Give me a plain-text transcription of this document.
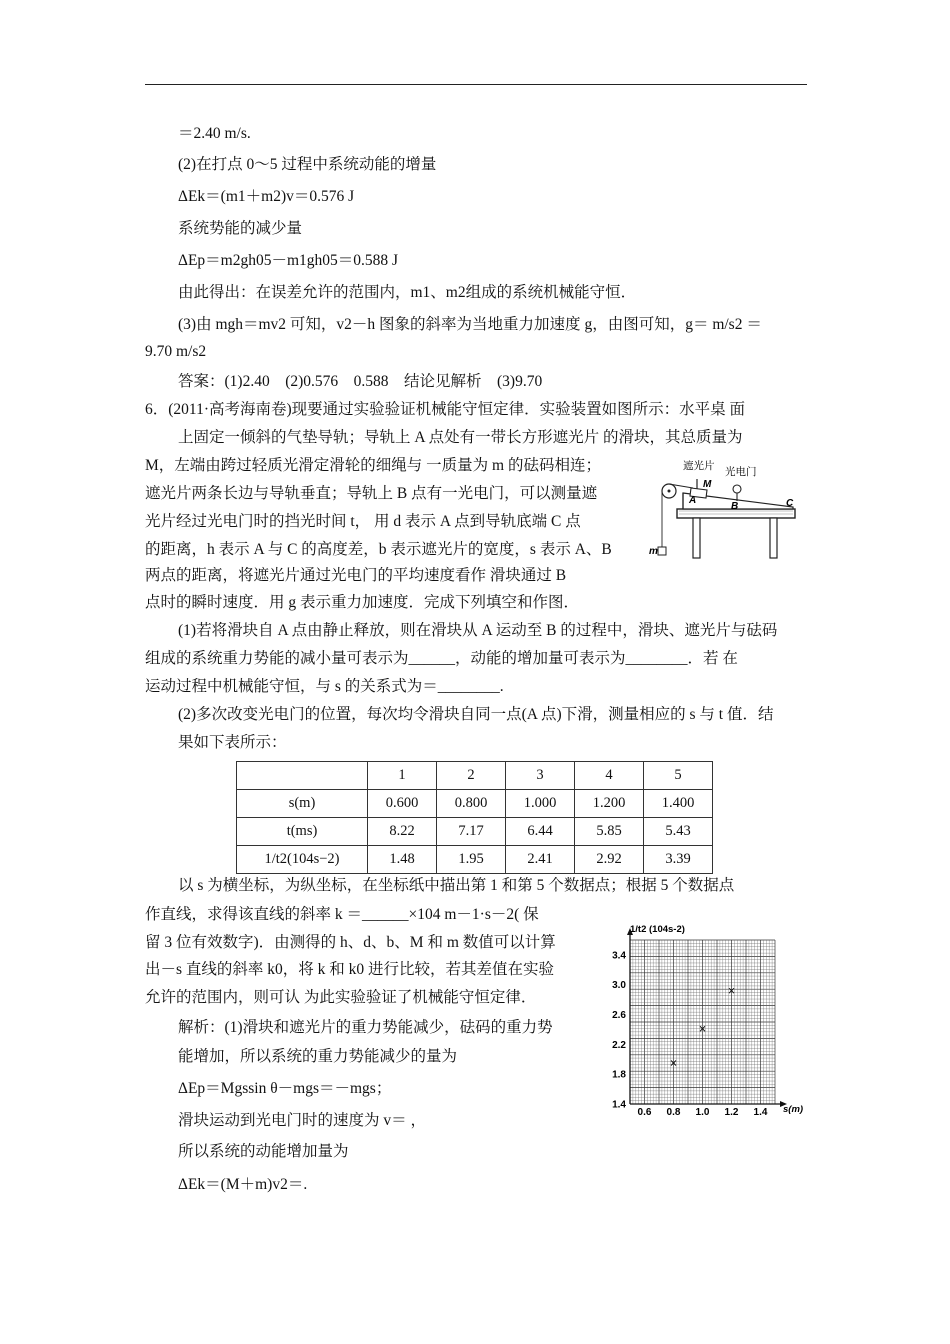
＝2.40 m/s.
(2)在打点 0～5 过程中系统动能的增量
ΔEk＝(m1＋m2)v＝0.576 J
系统势能的减少量
ΔEp＝m2gh05－m1gh05＝0.588 J
由此得出：在误差允许的范围内，m1、m2组成的系统机械能守恒．
(3)由 mgh＝mv2 可知，v2－h 图象的斜率为当地重力加速度 g，由图可知，g＝ m/s2 ＝
9.70 m/s2
答案：(1)2.40　(2)0.576　0.588　结论见解析　(3)9.70
6．(2011·高考海南卷)现要通过实验验证机械能守恒定律．实验装置如图所示：水平桌 面
上固定一倾斜的气垫导轨；导轨上 A 点处有一带长方形遮光片 的滑块，其总质量为
M，左端由跨过轻质光滑定滑轮的细绳与 一质量为 m 的砝码相连；
遮光片两条长边与导轨垂直；导轨上 B 点有一光电门，可以测量遮
光片经过光电门时的挡光时间 t， 用 d 表示 A 点到导轨底端 C 点
的距离，h 表示 A 与 C 的高度差，b 表示遮光片的宽度，s 表示 A、B
两点的距离，将遮光片通过光电门的平均速度看作 滑块通过 B
点时的瞬时速度．用 g 表示重力加速度．完成下列填空和作图．
(1)若将滑块自 A 点由静止释放，则在滑块从 A 运动至 B 的过程中，滑块、遮光片与砝码
组成的系统重力势能的减小量可表示为______，动能的增加量可表示为________．若 在
运动过程中机械能守恒，与 s 的关系式为＝________.
(2)多次改变光电门的位置，每次均令滑块自同一点(A 点)下滑，测量相应的 s 与 t 值．结
果如下表所示：
	1	2	3	4	5
s(m)	0.600	0.800	1.000	1.200	1.400
t(ms)	8.22	7.17	6.44	5.85	5.43
1/t2(104s−2)	1.48	1.95	2.41	2.92	3.39
以 s 为横坐标，为纵坐标，在坐标纸中描出第 1 和第 5 个数据点；根据 5 个数据点
作直线，求得该直线的斜率 k ＝______×104 m－1·s－2( 保
留 3 位有效数字)．由测得的 h、d、b、M 和 m 数值可以计算
出－s 直线的斜率 k0，将 k 和 k0 进行比较，若其差值在实验
允许的范围内，则可认 为此实验验证了机械能守恒定律．
解析：(1)滑块和遮光片的重力势能减少，砝码的重力势
能增加，所以系统的重力势能减少的量为
ΔEp＝Mgssin θ－mgs＝－mgs；
滑块运动到光电门时的速度为 v＝ ，
所以系统的动能增加量为
ΔEk＝(M＋m)v2＝.
遮光片 光电门
M
A
B	C
m
0.6 0.8 1.0 1.2 1.4
1.4
1.8
2.2
2.6
3.0
3.4
1/t2 (104s-2)
s(m)
